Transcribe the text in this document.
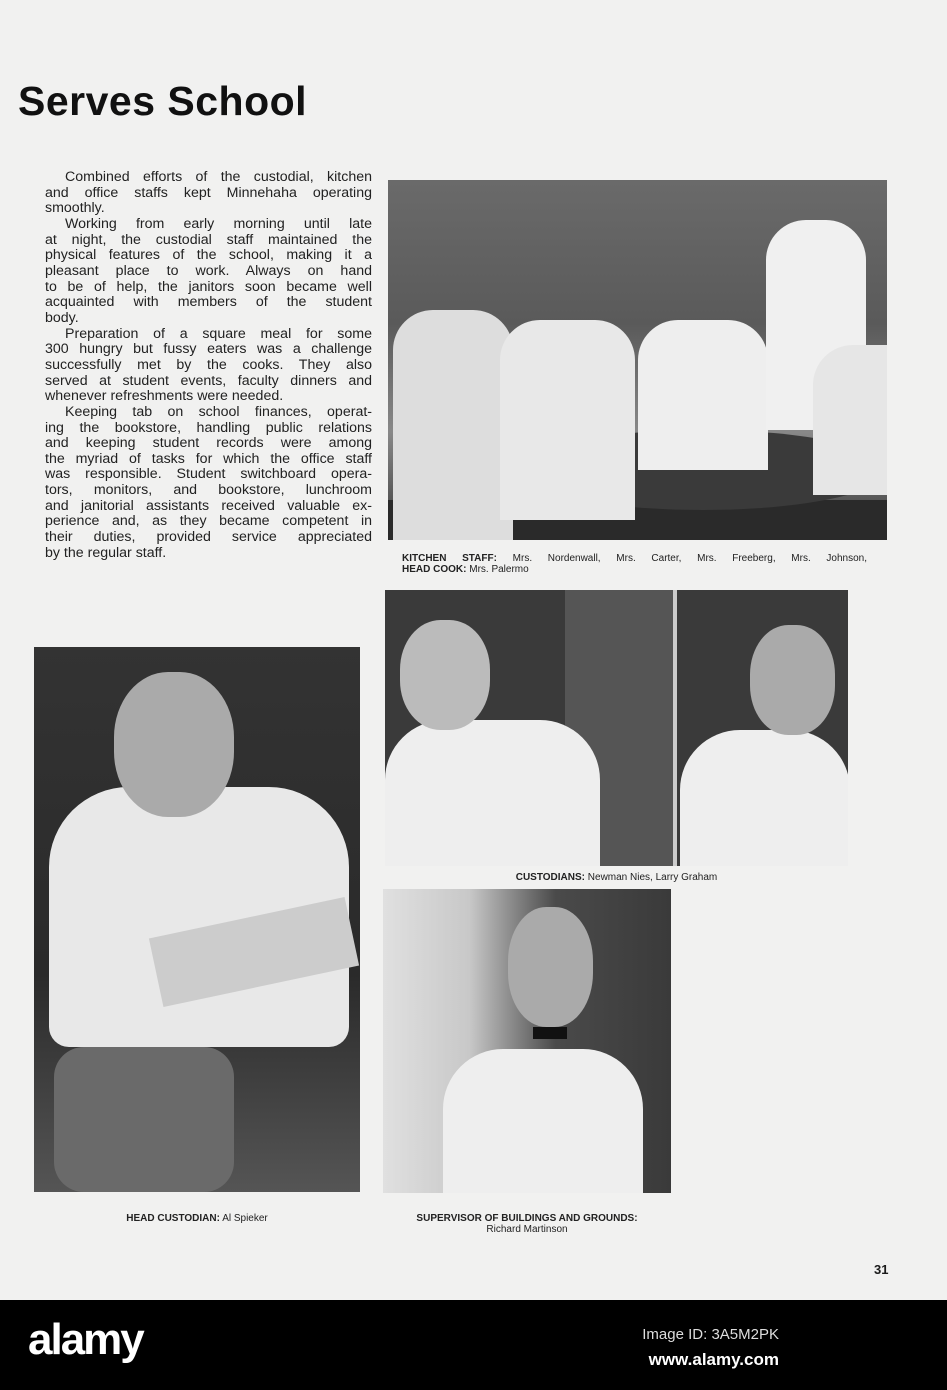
Serves School
Combined efforts of the custodial, kitchen
and office staffs kept Minnehaha operating
smoothly.
Working from early morning until late
at night, the custodial staff maintained the
physical features of the school, making it a
pleasant place to work. Always on hand
to be of help, the janitors soon became well
acquainted with members of the student
body.
Preparation of a square meal for some
300 hungry but fussy eaters was a challenge
successfully met by the cooks. They also
served at student events, faculty dinners and
whenever refreshments were needed.
Keeping tab on school finances, operat-
ing the bookstore, handling public relations
and keeping student records were among
the myriad of tasks for which the office staff
was responsible. Student switchboard opera-
tors, monitors, and bookstore, lunchroom
and janitorial assistants received valuable ex-
perience and, as they became competent in
their duties, provided service appreciated
by the regular staff.	KITCHEN STAFF: Mrs. Nordenwall, Mrs. Carter, Mrs. Freeberg, Mrs. Johnson,
HEAD COOK: Mrs. Palermo
CUSTODIANS: Newman Nies, Larry Graham
HEAD CUSTODIAN: Al Spieker	SUPERVISOR OF BUILDINGS AND GROUNDS:
Richard Martinson
31
alamy	Image ID: 3A5M2PK
www.alamy.com
